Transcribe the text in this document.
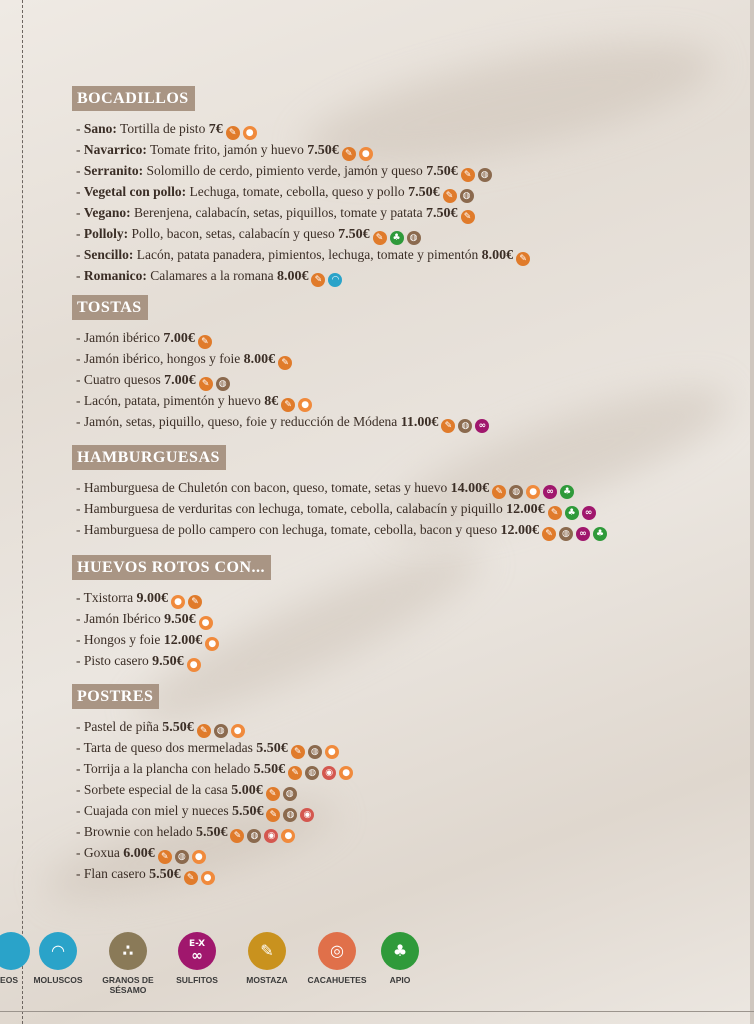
BOCADILLOS
- Sano: Tortilla de pisto 7€ ✎ ●
- Navarrico: Tomate frito, jamón y huevo 7.50€ ✎ ●
- Serranito: Solomillo de cerdo, pimiento verde, jamón y queso 7.50€ ✎ ◍
- Vegetal con pollo: Lechuga, tomate, cebolla, queso y pollo 7.50€ ✎ ◍
- Vegano: Berenjena, calabacín, setas, piquillos, tomate y patata 7.50€ ✎
- Polloly: Pollo, bacon, setas, calabacín y queso 7.50€ ✎ ♣ ◍
- Sencillo: Lacón, patata panadera, pimientos, lechuga, tomate y pimentón 8.00€ ✎
- Romanico: Calamares a la romana 8.00€ ✎ ◠
TOSTAS
- Jamón ibérico 7.00€ ✎
- Jamón ibérico, hongos y foie 8.00€ ✎
- Cuatro quesos 7.00€ ✎ ◍
- Lacón, patata, pimentón y huevo 8€ ✎ ●
- Jamón, setas, piquillo, queso, foie y reducción de Módena 11.00€ ✎ ◍ ∞
HAMBURGUESAS
- Hamburguesa de Chuletón con bacon, queso, tomate, setas y huevo 14.00€ ✎ ◍ ● ∞ ♣
- Hamburguesa de verduritas con lechuga, tomate, cebolla, calabacín y piquillo 12.00€ ✎ ♣ ∞
- Hamburguesa de pollo campero con lechuga, tomate, cebolla, bacon y queso 12.00€ ✎ ◍ ∞ ♣
HUEVOS ROTOS CON...
- Txistorra 9.00€ ● ✎
- Jamón Ibérico 9.50€ ●
- Hongos y foie 12.00€ ●
- Pisto casero 9.50€ ●
POSTRES
- Pastel de piña 5.50€ ✎ ◍ ●
- Tarta de queso dos mermeladas 5.50€ ✎ ◍ ●
- Torrija a la plancha con helado 5.50€ ✎ ◍ ◉ ●
- Sorbete especial de la casa 5.00€ ✎ ◍
- Cuajada con miel y nueces 5.50€ ✎ ◍ ◉
- Brownie con helado 5.50€ ✎ ◍ ◉ ●
- Goxua 6.00€ ✎ ◍ ●
- Flan casero 5.50€ ✎ ●
EOS
◠
MOLUSCOS
∴
GRANOS DE SÉSAMO
E-X
∞
SULFITOS
✎
MOSTAZA
◎
CACAHUETES
♣
APIO
